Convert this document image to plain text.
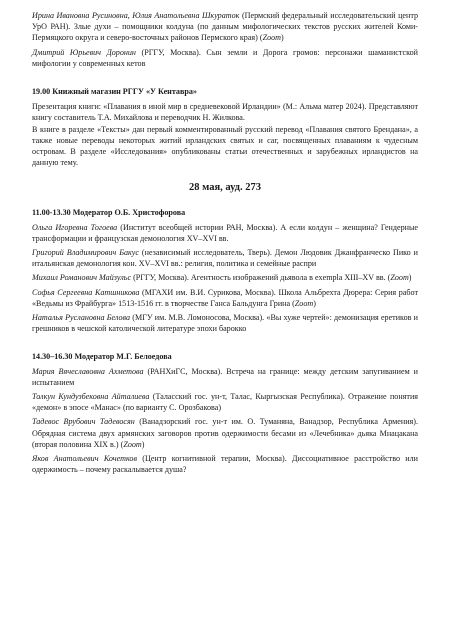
Ирина Ивановна Русиновна, Юлия Анатольевна Шкураток (Пермский федеральный исследовательский центр УрО РАН). Злые духи – помощники колдуна (по данным мифологических текстов русских жителей Коми-Пермяцкого округа и северо-восточных районов Пермского края) (Zoom)
Дмитрий Юрьевич Доронин (РГГУ, Москва). Сын земли и Дорога громов: персонажи шаманистской мифологии у современных кетов
19.00 Книжный магазин РГГУ «У Кентавра»

Презентация книги: «Плавания в иной мир в средневековой Ирландии» (М.: Альма матер 2024). Представляют книгу составитель Т.А. Михайлова и переводчик Н. Жилкова.

В книге в разделе «Тексты» дан первый комментированный русский перевод «Плавания святого Брендана», а также новые переводы некоторых житий ирландских святых и саг, посвященных плаваниям к чудесным островам. В разделе «Исследования» опубликованы статьи отечественных и зарубежных ирландистов на данную тему.

28 мая, ауд. 273
11.00-13.30 Модератор О.Б. Христофорова
Ольга Игоревна Тогоева (Институт всеобщей истории РАН, Москва). А если колдун – женщина? Гендерные трансформации и французская демонология XV–XVI вв.
Григорий Владимирович Бакус (независимый исследователь, Тверь). Демон Людовик Джанфранческо Пико и итальянская демонология кон. XV–XVI вв.: религия, политика и семейные распри
Михаил Романович Майзульс (РГГУ, Москва). Агентность изображений дьявола в exempla XIII–XV вв. (Zoom)
Софья Сергеевна Катшникова (МГАХИ им. В.И. Сурикова, Москва). Школа Альбрехта Дюрера: Серия работ «Ведьмы из Фрайбурга» 1513-1516 гг. в творчестве Ганса Бальдунга Грина (Zoom)
Наталья Руслановна Белова (МГУ им. М.В. Ломоносова, Москва). «Вы хуже чертей»: демонизация еретиков и грешников в чешской католической литературе эпохи барокко
14.30–16.30 Модератор М.Г. Белоедова
Мария Вячеславовна Ахметова (РАНХиГС, Москва). Встреча на границе: между детским запугиванием и испытанием
Толкун Кундузбековна Айталиева (Таласский гос. ун-т, Талас, Кыргызская Республика). Отражение понятия «демон» в эпосе «Манас» (по варианту С. Орозбакова)
Тадевос Врубович Тадевосян (Ванадзорский гос. ун-т им. О. Туманяна, Ванадзор, Республика Армения). Обрядная система двух армянских заговоров против одержимости бесами из «Лечебника» дьяка Мнацакана (вторая половина XIX в.) (Zoom)
Яков Анатольевич Кочетков (Центр когнитивной терапии, Москва). Диссоциативное расстройство или одержимость – почему раскалывается душа?
